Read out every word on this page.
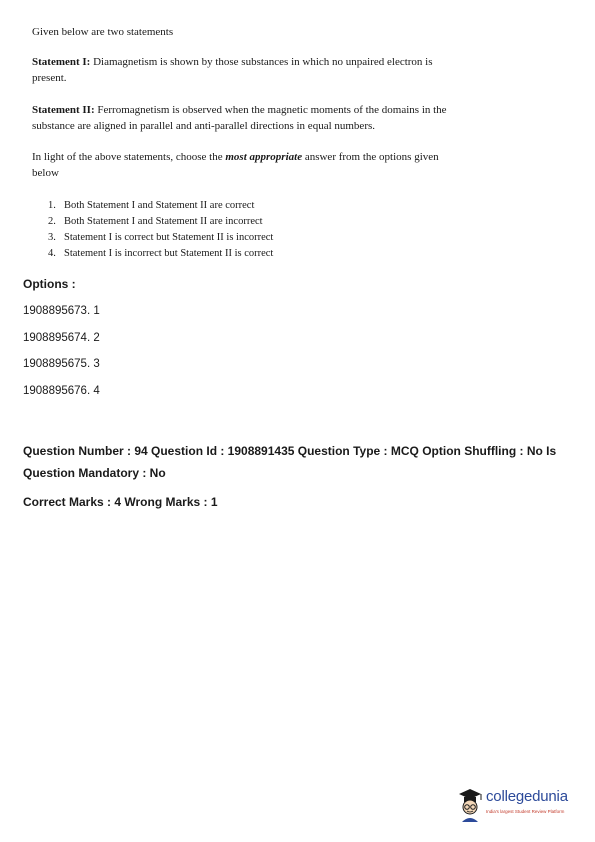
Given below are two statements
Statement I: Diamagnetism is shown by those substances in which no unpaired electron is present.
Statement II: Ferromagnetism is observed when the magnetic moments of the domains in the substance are aligned in parallel and anti-parallel directions in equal numbers.
In light of the above statements, choose the most appropriate answer from the options given below
1. Both Statement I and Statement II are correct
2. Both Statement I and Statement II are incorrect
3. Statement I is correct but Statement II is incorrect
4. Statement I is incorrect but Statement II is correct
Options :
1908895673. 1
1908895674. 2
1908895675. 3
1908895676. 4
Question Number : 94 Question Id : 1908891435 Question Type : MCQ Option Shuffling : No Is Question Mandatory : No
Correct Marks : 4 Wrong Marks : 1
collegedunia
India's largest Student Review Platform
